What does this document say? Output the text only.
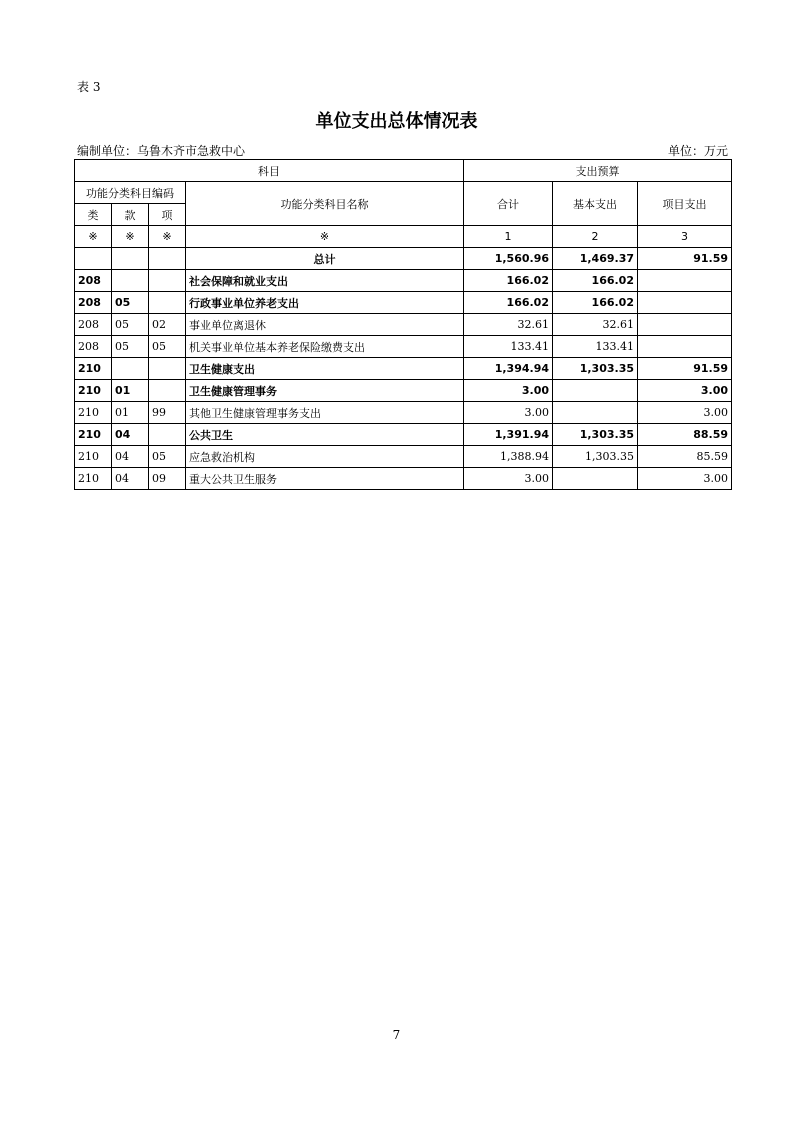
表 3
单位支出总体情况表
编制单位：乌鲁木齐市急救中心	单位：万元
科目				支出预算		
功能分类科目编码			功能分类科目名称	合计	基本支出	项目支出
类	款	项				
※	※	※	※	1	2	3
			总计	1,560.96	1,469.37	91.59
208			社会保障和就业支出	166.02	166.02	
208	05		行政事业单位养老支出	166.02	166.02	
208	05	02	事业单位离退休	32.61	32.61	
208	05	05	机关事业单位基本养老保险缴费支出	133.41	133.41	
210			卫生健康支出	1,394.94	1,303.35	91.59
210	01		卫生健康管理事务	3.00		3.00
210	01	99	其他卫生健康管理事务支出	3.00		3.00
210	04		公共卫生	1,391.94	1,303.35	88.59
210	04	05	应急救治机构	1,388.94	1,303.35	85.59
210	04	09	重大公共卫生服务	3.00		3.00
7
